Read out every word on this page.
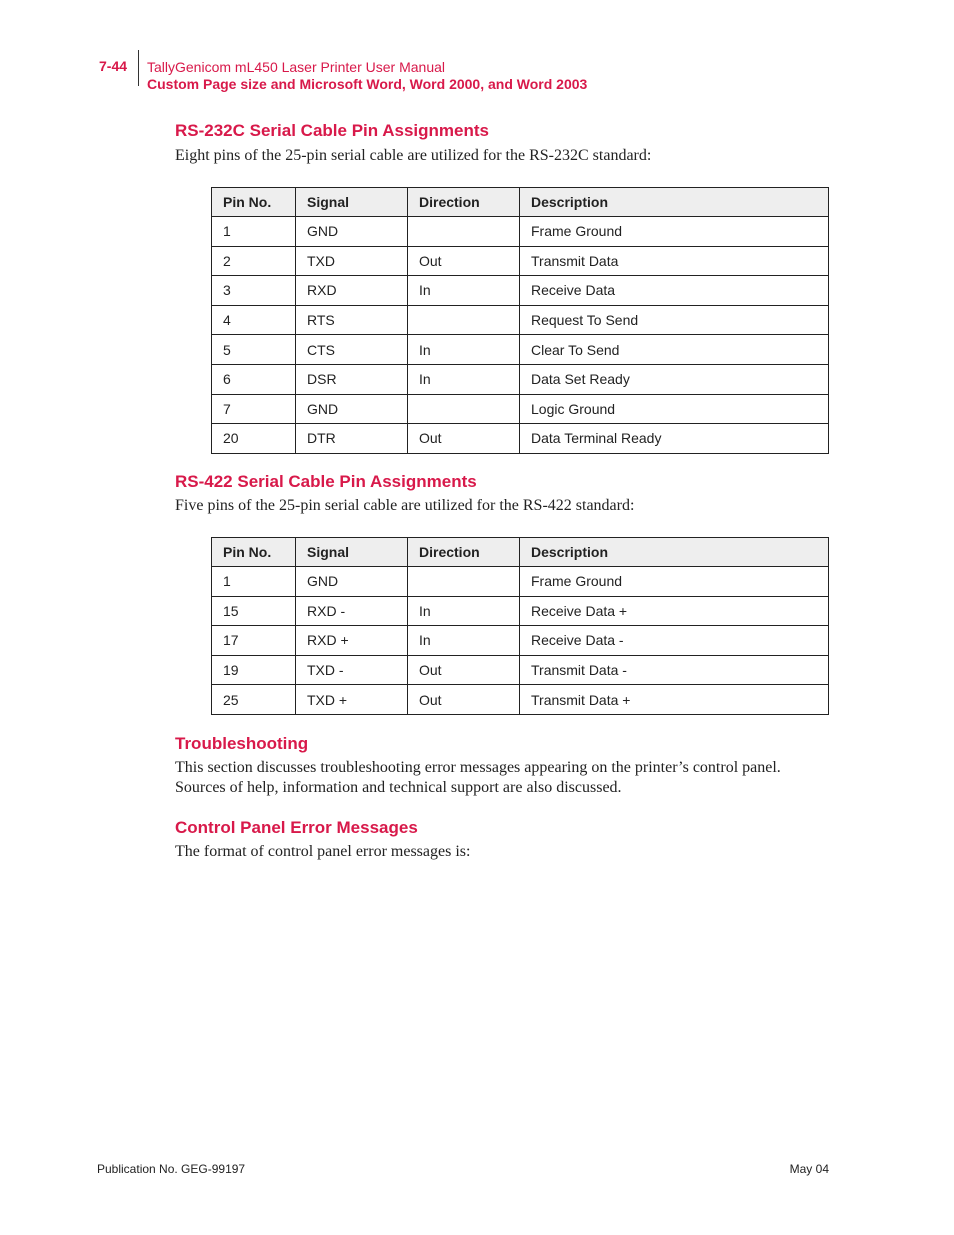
7-44 TallyGenicom mL450 Laser Printer User Manual
Custom Page size and Microsoft Word, Word 2000, and Word 2003
RS-232C Serial Cable Pin Assignments
Eight pins of the 25-pin serial cable are utilized for the RS-232C standard:
Pin No.	Signal	Direction	Description
1	GND		Frame Ground
2	TXD	Out	Transmit Data
3	RXD	In	Receive Data
4	RTS		Request To Send
5	CTS	In	Clear To Send
6	DSR	In	Data Set Ready
7	GND		Logic Ground
20	DTR	Out	Data Terminal Ready
RS-422 Serial Cable Pin Assignments
Five pins of the 25-pin serial cable are utilized for the RS-422 standard:
Pin No.	Signal	Direction	Description
1	GND		Frame Ground
15	RXD -	In	Receive Data +
17	RXD +	In	Receive Data -
19	TXD -	Out	Transmit Data -
25	TXD +	Out	Transmit Data +
Troubleshooting
This section discusses troubleshooting error messages appearing on the printer’s control panel. Sources of help, information and technical support are also discussed.
Control Panel Error Messages
The format of control panel error messages is:
Publication No. GEG-99197	May 04
